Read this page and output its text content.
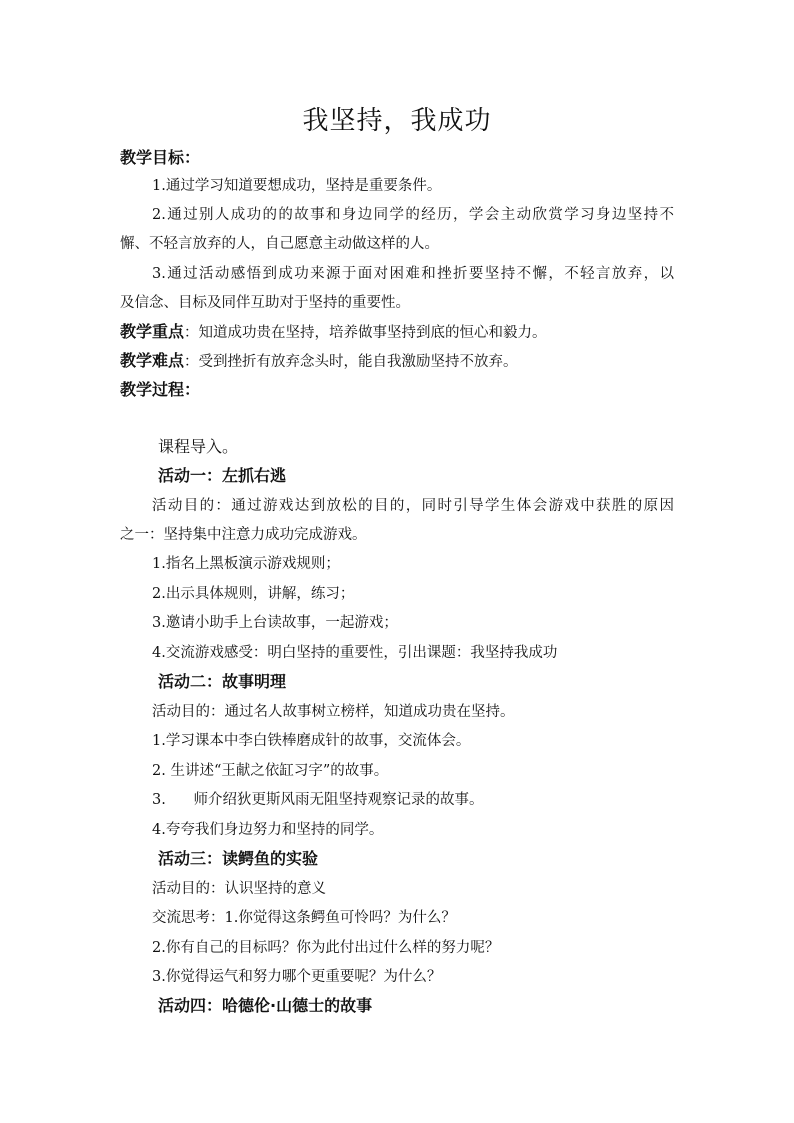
我坚持，我成功
教学目标：
1.通过学习知道要想成功，坚持是重要条件。
2.通过别人成功的的故事和身边同学的经历，学会主动欣赏学习身边坚持不
懈、不轻言放弃的人，自己愿意主动做这样的人。
3.通过活动感悟到成功来源于面对困难和挫折要坚持不懈，不轻言放弃，以
及信念、目标及同伴互助对于坚持的重要性。
教学重点：知道成功贵在坚持，培养做事坚持到底的恒心和毅力。
教学难点：受到挫折有放弃念头时，能自我激励坚持不放弃。
教学过程：
课程导入。
活动一：左抓右逃
活动目的：通过游戏达到放松的目的，同时引导学生体会游戏中获胜的原因
之一：坚持集中注意力成功完成游戏。
1.指名上黑板演示游戏规则；
2.出示具体规则，讲解，练习；
3.邀请小助手上台读故事，一起游戏；
4.交流游戏感受：明白坚持的重要性，引出课题：我坚持我成功
活动二：故事明理
活动目的：通过名人故事树立榜样，知道成功贵在坚持。
1.学习课本中李白铁棒磨成针的故事，交流体会。
2. 生讲述“王献之依缸习字”的故事。
3.      师介绍狄更斯风雨无阻坚持观察记录的故事。
4.夸夸我们身边努力和坚持的同学。
活动三：读鳄鱼的实验
活动目的：认识坚持的意义
交流思考：1.你觉得这条鳄鱼可怜吗？为什么？
2.你有自己的目标吗？你为此付出过什么样的努力呢？
3.你觉得运气和努力哪个更重要呢？为什么？
活动四：哈德伦·山德士的故事
